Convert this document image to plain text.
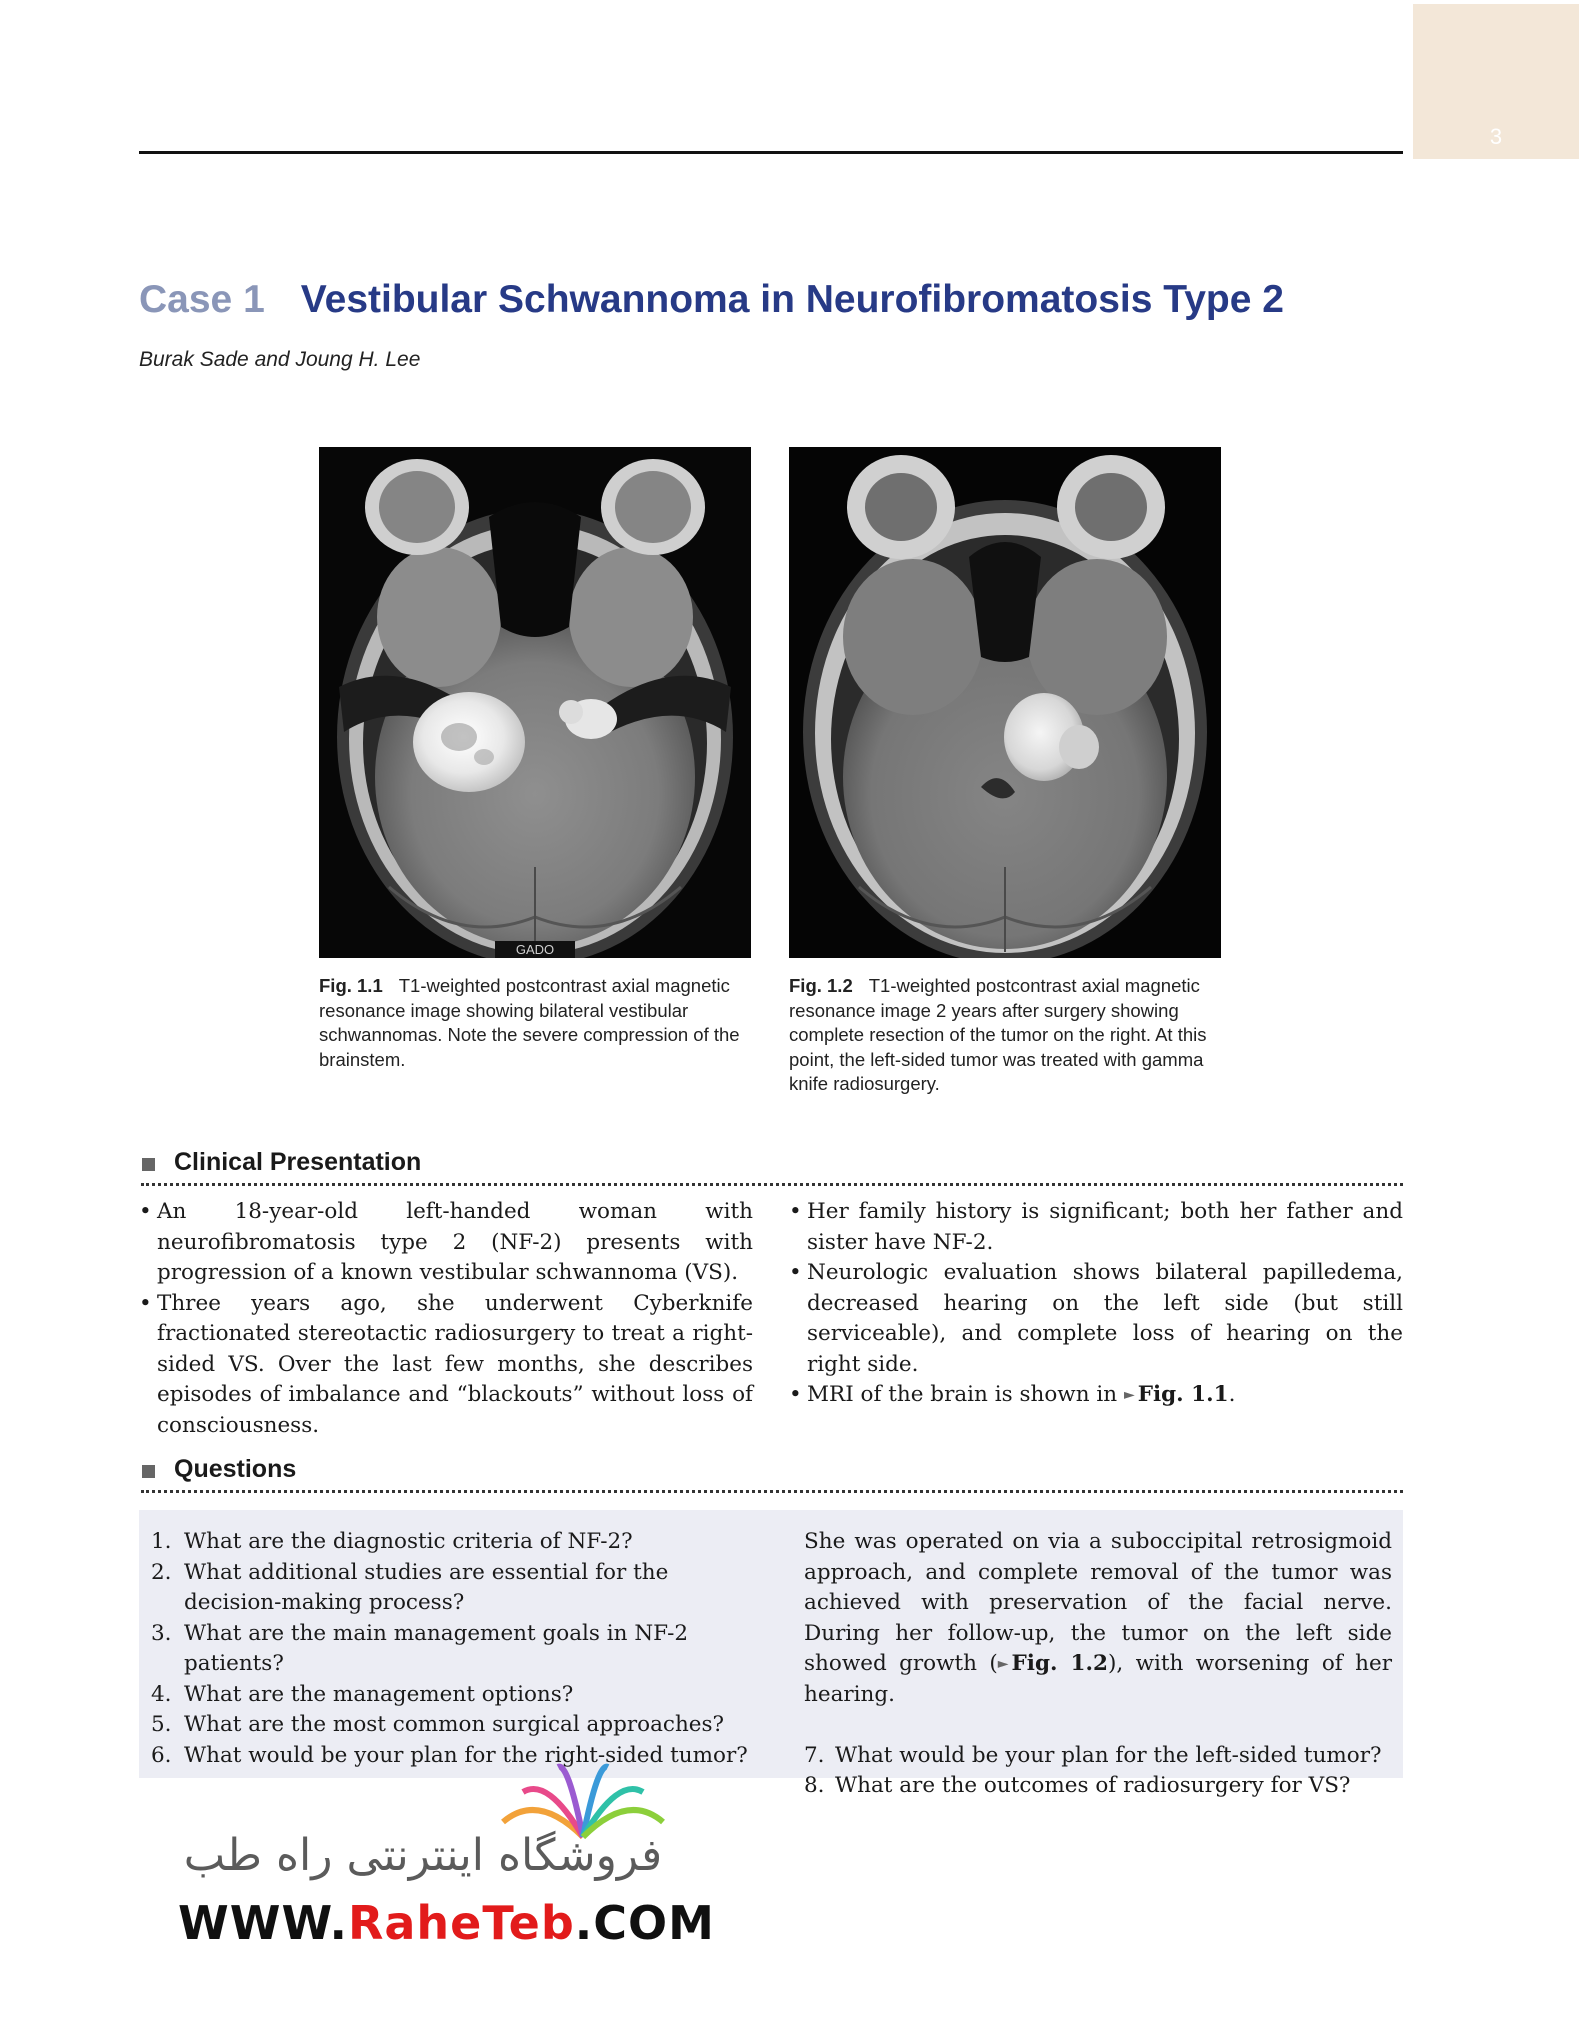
3
Case 1 Vestibular Schwannoma in Neurofibromatosis Type 2
Burak Sade and Joung H. Lee
GADO
Fig. 1.1 T1-weighted postcontrast axial magnetic resonance image showing bilateral vestibular schwannomas. Note the severe compression of the brainstem.
Fig. 1.2 T1-weighted postcontrast axial magnetic resonance image 2 years after surgery showing complete resection of the tumor on the right. At this point, the left-sided tumor was treated with gamma knife radiosurgery.
Clinical Presentation
• An 18-year-old left-handed woman with neurofibromatosis type 2 (NF-2) presents with progression of a known vestibular schwannoma (VS).
• Three years ago, she underwent Cyberknife fractionated stereotactic radiosurgery to treat a right-sided VS. Over the last few months, she describes episodes of imbalance and “blackouts” without loss of consciousness.
• Her family history is significant; both her father and sister have NF-2.
• Neurologic evaluation shows bilateral papilledema, decreased hearing on the left side (but still serviceable), and complete loss of hearing on the right side.
• MRI of the brain is shown in ► Fig. 1.1.
Questions
1. What are the diagnostic criteria of NF-2?
2. What additional studies are essential for the decision-making process?
3. What are the main management goals in NF-2 patients?
4. What are the management options?
5. What are the most common surgical approaches?
6. What would be your plan for the right-sided tumor?

She was operated on via a suboccipital retrosigmoid approach, and complete removal of the tumor was achieved with preservation of the facial nerve. During her follow-up, the tumor on the left side showed growth (► Fig. 1.2), with worsening of her hearing.

7. What would be your plan for the left-sided tumor?
8. What are the outcomes of radiosurgery for VS?
فروشگاه اینترنتی راه طب
WWW.RaheTeb.COM
